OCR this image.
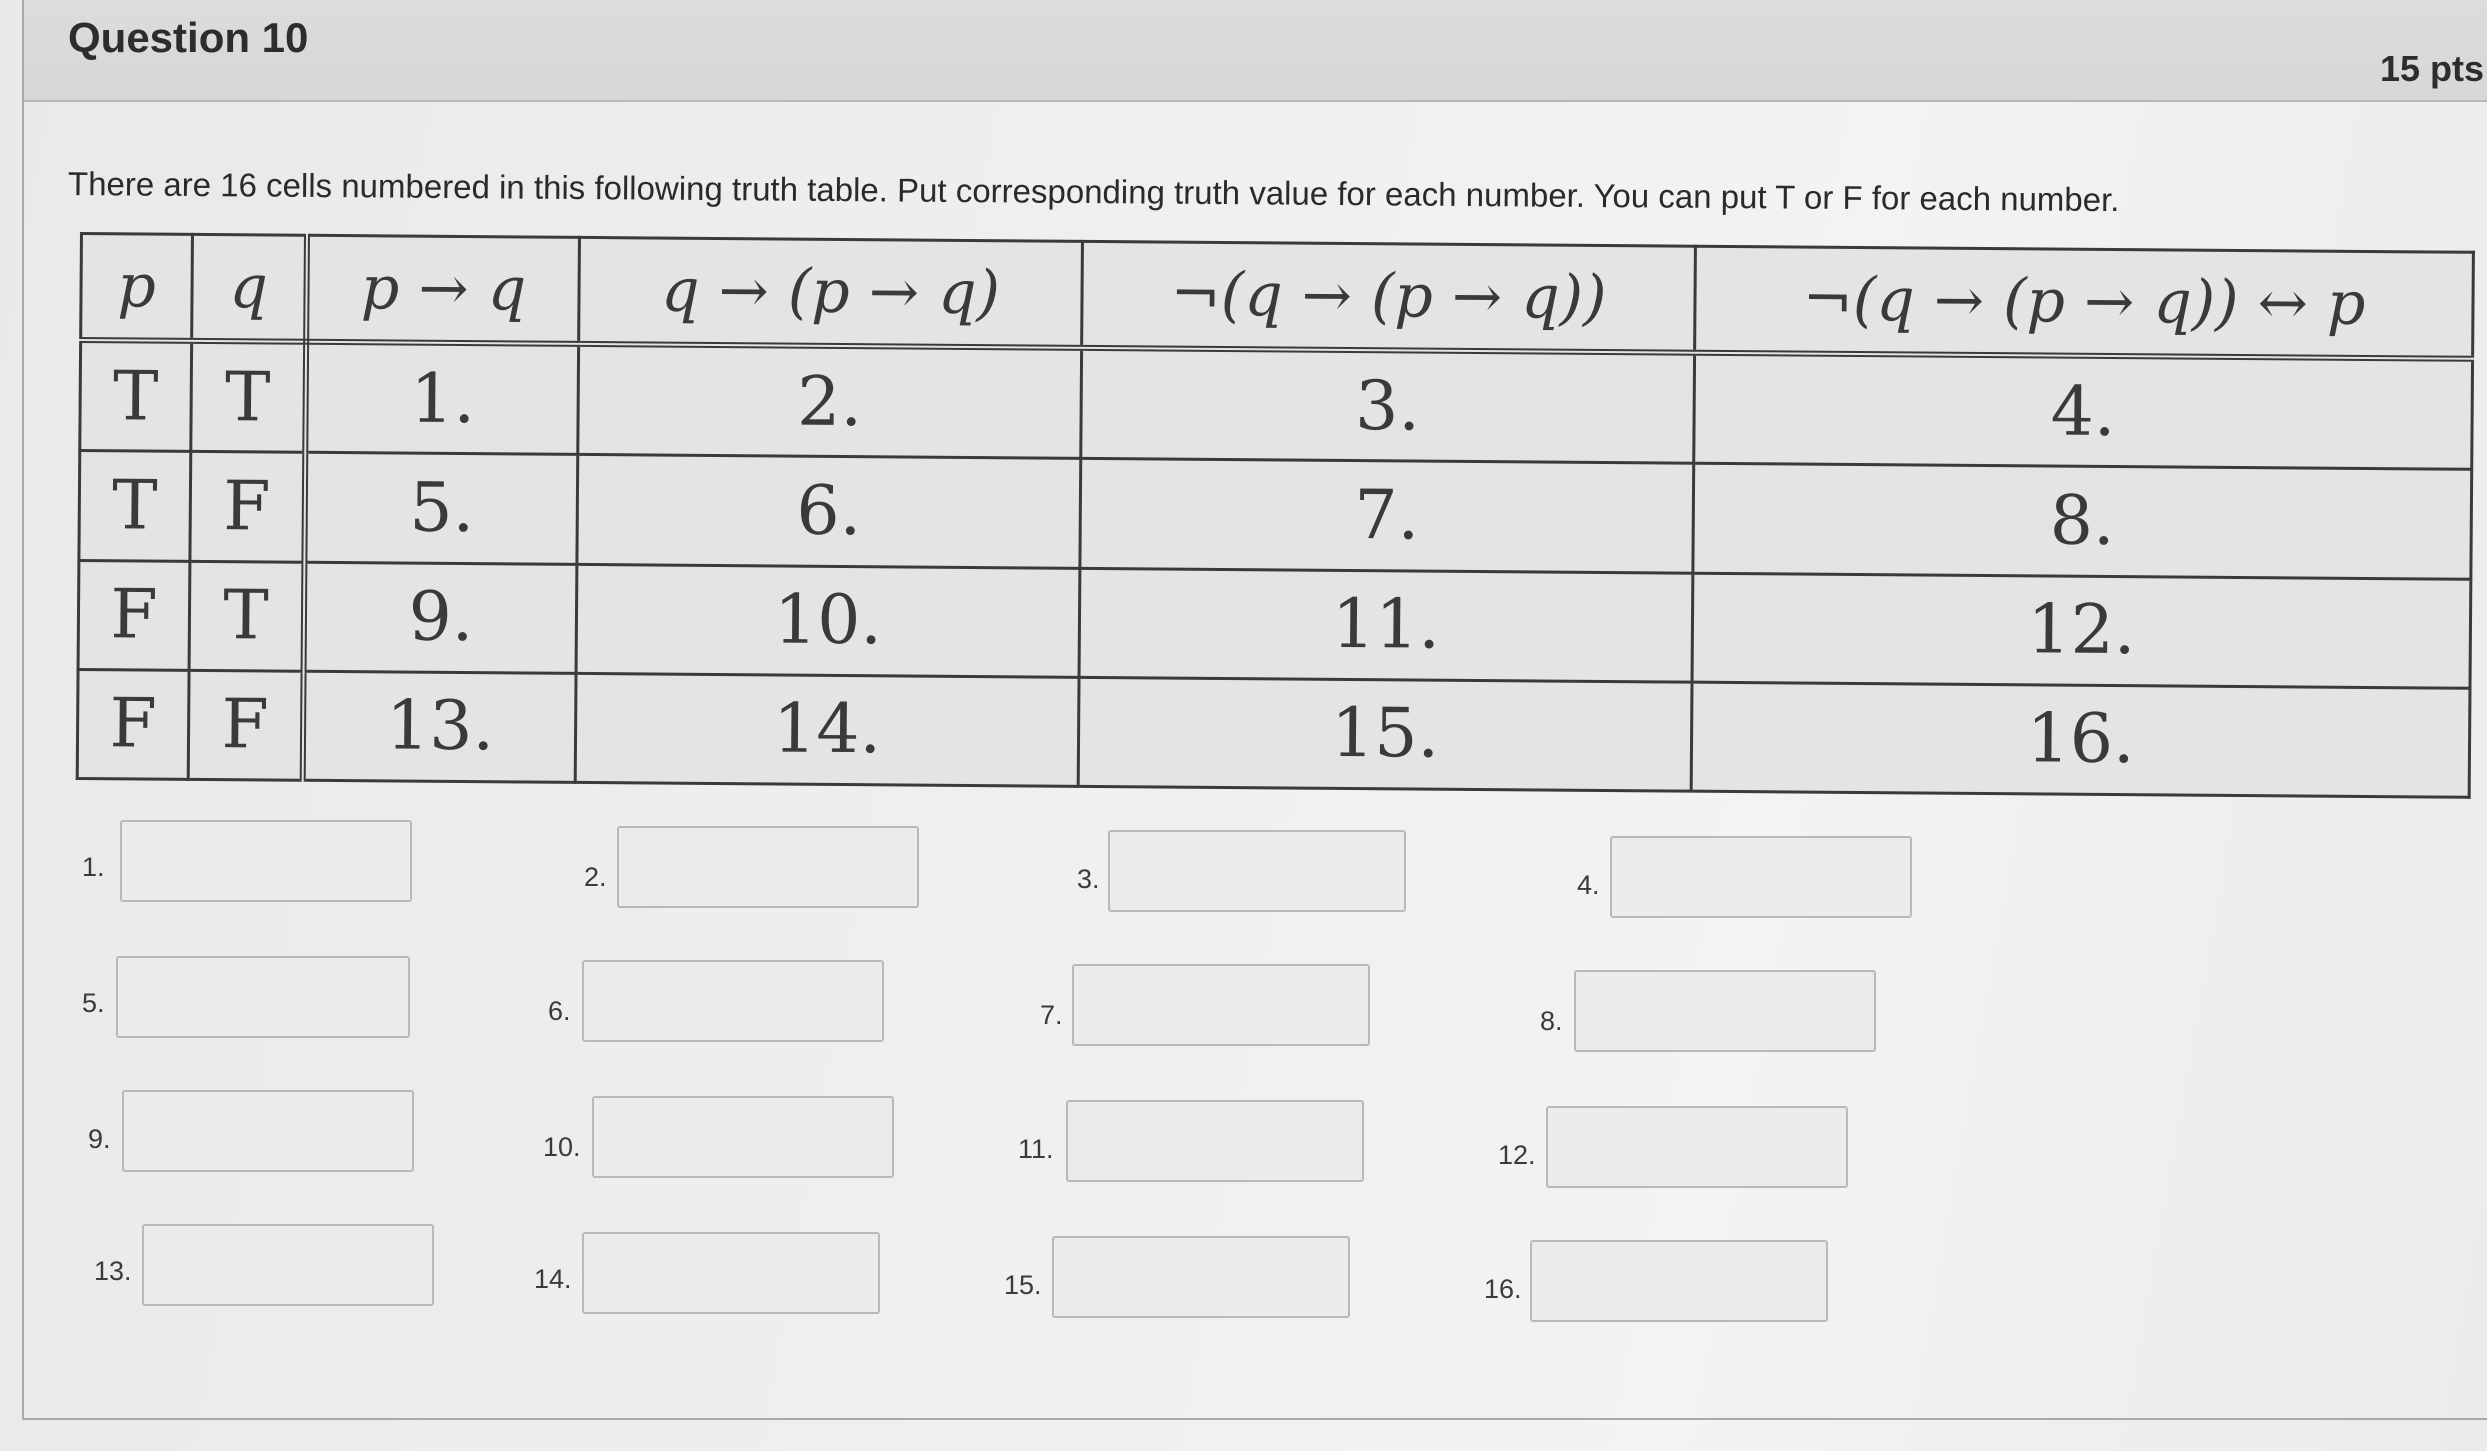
Question 10
15 pts
There are 16 cells numbered in this following truth table. Put corresponding truth value for each number. You can put T or F for each number.
p	q	p → q	q → (p → q)	¬(q → (p → q))	¬(q → (p → q)) ↔ p
T	T	1.	2.	3.	4.
T	F	5.	6.	7.	8.
F	T	9.	10.	11.	12.
F	F	13.	14.	15.	16.
1.	2.	3.	4.
5.	6.	7.	8.
9.	10.	11.	12.
13.	14.	15.	16.
